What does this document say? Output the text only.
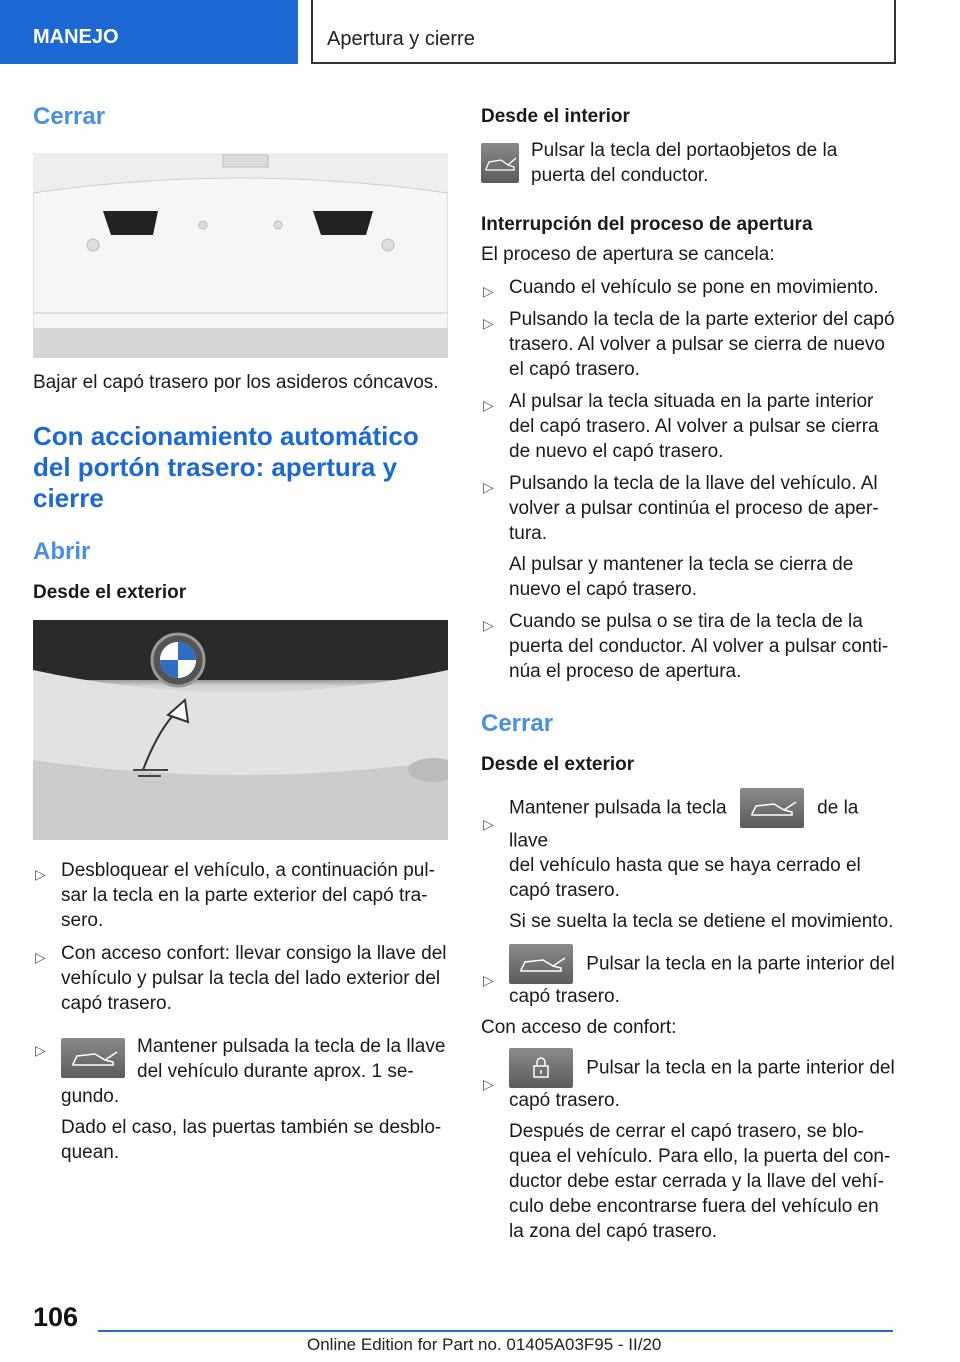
MANEJO	Apertura y cierre
Cerrar
Bajar el capó trasero por los asideros cóncavos.
Con accionamiento automático del portón trasero: apertura y cierre
Abrir
Desde el exterior
▷ Desbloquear el vehículo, a continuación pul-sar la tecla en la parte exterior del capó tra-sero.
▷ Con acceso confort: llevar consigo la llave del vehículo y pulsar la tecla del lado exterior del capó trasero.
▷	Mantener pulsada la tecla de la llave del vehículo durante aprox. 1 se-
gundo.
Dado el caso, las puertas también se desblo-quean.
Desde el interior
Pulsar la tecla del portaobjetos de la puerta del conductor.
Interrupción del proceso de apertura
El proceso de apertura se cancela:
▷ Cuando el vehículo se pone en movimiento.
▷ Pulsando la tecla de la parte exterior del capó trasero. Al volver a pulsar se cierra de nuevo el capó trasero.
▷ Al pulsar la tecla situada en la parte interior del capó trasero. Al volver a pulsar se cierra de nuevo el capó trasero.
▷ Pulsando la tecla de la llave del vehículo. Al volver a pulsar continúa el proceso de aper-tura.
Al pulsar y mantener la tecla se cierra de nuevo el capó trasero.
▷ Cuando se pulsa o se tira de la tecla de la puerta del conductor. Al volver a pulsar conti-núa el proceso de apertura.
Cerrar
Desde el exterior
▷
Mantener pulsada la tecla	de la llave
del vehículo hasta que se haya cerrado el capó trasero.
Si se suelta la tecla se detiene el movimiento.
▷
Pulsar la tecla en la parte interior del
capó trasero.
Con acceso de confort:
▷
Pulsar la tecla en la parte interior del
capó trasero.
Después de cerrar el capó trasero, se blo-quea el vehículo. Para ello, la puerta del con-ductor debe estar cerrada y la llave del vehí-culo debe encontrarse fuera del vehículo en la zona del capó trasero.
106
Online Edition for Part no. 01405A03F95 - II/20
